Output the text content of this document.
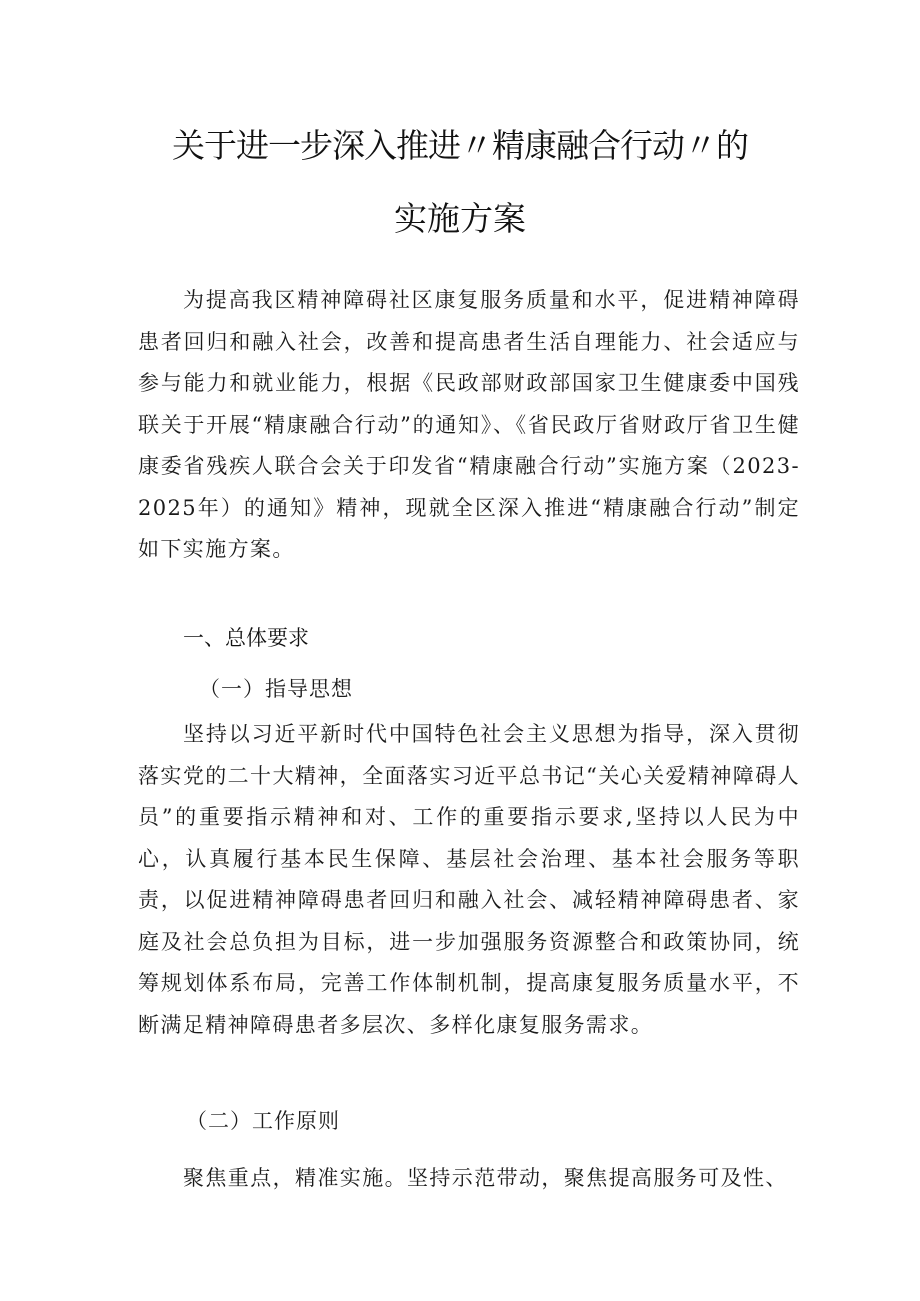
关于进一步深入推进〃精康融合行动〃的
实施方案

为提高我区精神障碍社区康复服务质量和水平，促进精神障碍患者回归和融入社会，改善和提高患者生活自理能力、社会适应与参与能力和就业能力，根据《民政部财政部国家卫生健康委中国残联关于开展“精康融合行动”的通知》、《省民政厅省财政厅省卫生健康委省残疾人联合会关于印发省“精康融合行动”实施方案（2023-2025年）的通知》精神，现就全区深入推进“精康融合行动”制定如下实施方案。

一、总体要求
（一）指导思想

坚持以习近平新时代中国特色社会主义思想为指导，深入贯彻落实党的二十大精神，全面落实习近平总书记“关心关爱精神障碍人员”的重要指示精神和对、工作的重要指示要求,坚持以人民为中心，认真履行基本民生保障、基层社会治理、基本社会服务等职责，以促进精神障碍患者回归和融入社会、减轻精神障碍患者、家庭及社会总负担为目标，进一步加强服务资源整合和政策协同，统筹规划体系布局，完善工作体制机制，提高康复服务质量水平，不断满足精神障碍患者多层次、多样化康复服务需求。

（二）工作原则

聚焦重点，精准实施。坚持示范带动，聚焦提高服务可及性、
